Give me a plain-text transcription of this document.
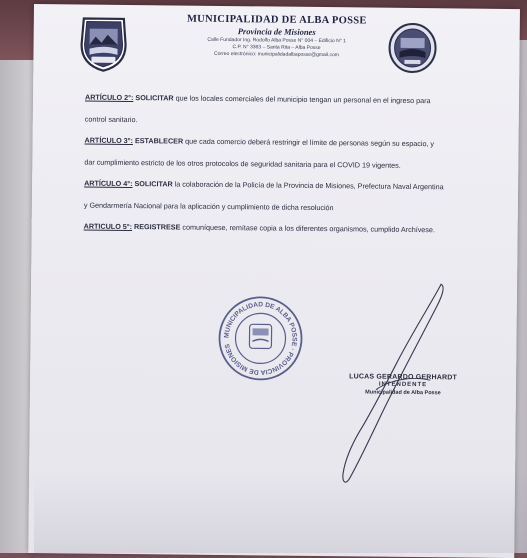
MUNICIPALIDAD DE ALBA POSSE
Provincia de Misiones
Calle Fundador Ing. Rodolfo Alba Posse N° 004 – Edificio N° 1
C.P. N° 3363 – Santa Rita – Alba Posse
Correo electrónico: municipalidadalbaposse@gmail.com

ARTÍCULO 2°: SOLICITAR que los locales comerciales del municipio tengan un personal en el ingreso para control sanitario.

ARTÍCULO 3°: ESTABLECER que cada comercio deberá restringir el límite de personas según su espacio, y dar cumplimiento estricto de los otros protocolos de seguridad sanitaria para el COVID 19 vigentes.

ARTÍCULO 4°: SOLICITAR la colaboración de la Policía de la Provincia de Misiones, Prefectura Naval Argentina y Gendarmería Nacional para la aplicación y cumplimiento de dicha resolución

ARTICULO 5°: REGISTRESE comuníquese, remítase copia a los diferentes organismos, cumplido Archívese.

MUNICIPALIDAD DE ALBA POSSE · PROVINCIA DE MISIONES
LUCAS GERARDO GERHARDT
INTENDENTE
Municipalidad de Alba Posse
